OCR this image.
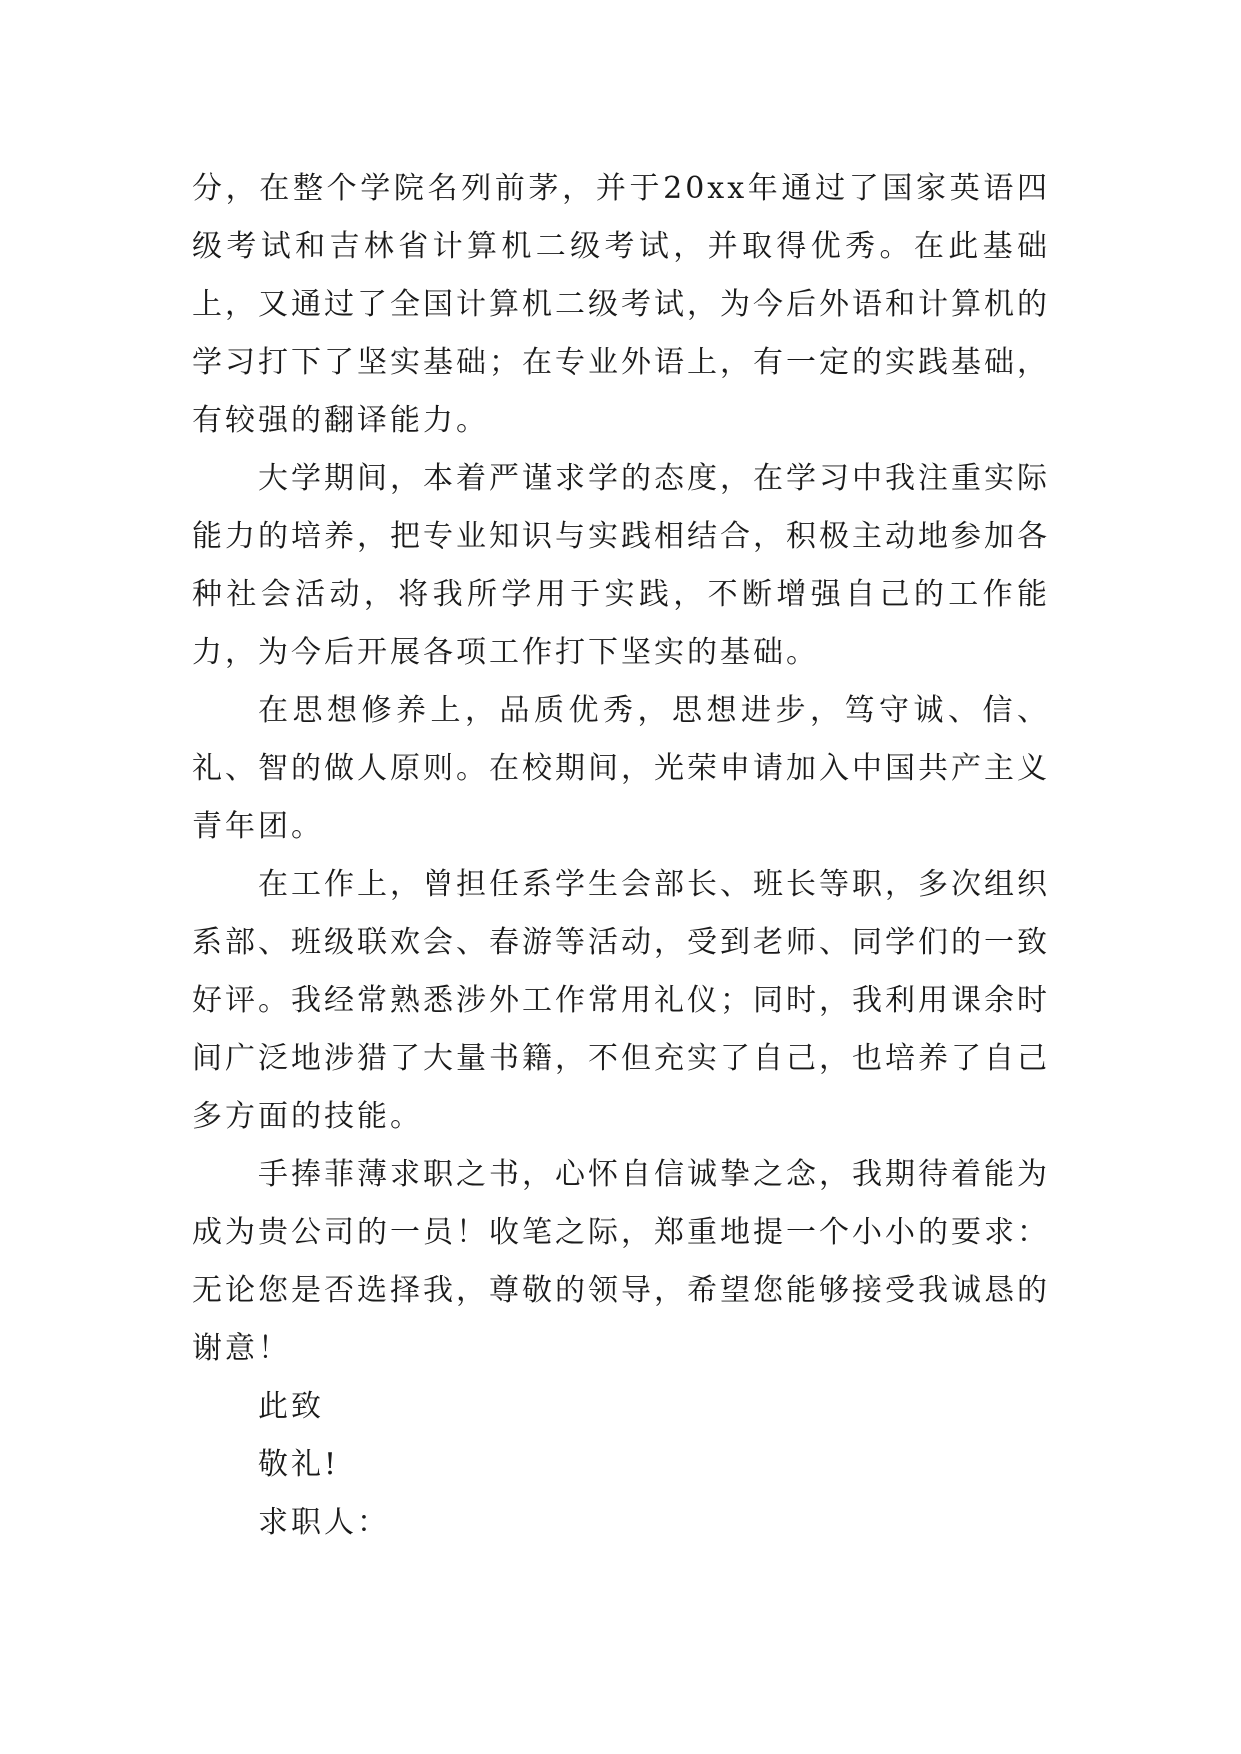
分，在整个学院名列前茅，并于20xx年通过了国家英语四级考试和吉林省计算机二级考试，并取得优秀。在此基础上，又通过了全国计算机二级考试，为今后外语和计算机的学习打下了坚实基础；在专业外语上，有一定的实践基础，有较强的翻译能力。

大学期间，本着严谨求学的态度，在学习中我注重实际能力的培养，把专业知识与实践相结合，积极主动地参加各种社会活动，将我所学用于实践，不断增强自己的工作能力，为今后开展各项工作打下坚实的基础。

在思想修养上，品质优秀，思想进步，笃守诚、信、礼、智的做人原则。在校期间，光荣申请加入中国共产主义青年团。

在工作上，曾担任系学生会部长、班长等职，多次组织系部、班级联欢会、春游等活动，受到老师、同学们的一致好评。我经常熟悉涉外工作常用礼仪；同时，我利用课余时间广泛地涉猎了大量书籍，不但充实了自己，也培养了自己多方面的技能。

手捧菲薄求职之书，心怀自信诚挚之念，我期待着能为成为贵公司的一员！收笔之际，郑重地提一个小小的要求：无论您是否选择我，尊敬的领导，希望您能够接受我诚恳的谢意！

此致

敬礼!

求职人：
